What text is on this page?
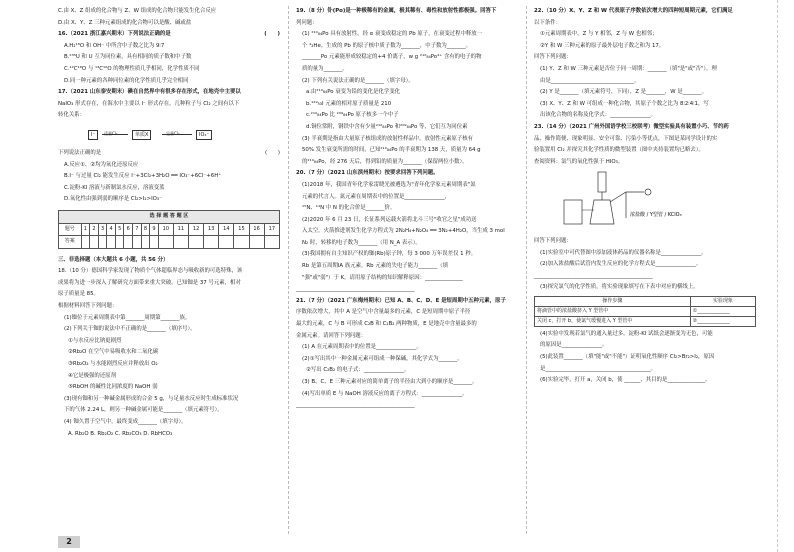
C.由 X、Z 组成的化合物与 Z、W 组成的化合物只能发生化合反应
D.由 X、Y、Z 三种元素组成的化合物可以是酸、碱或盐
16.（2021 浙江嘉兴期末）下列说法正确的是	(　　)
A.H₂¹⁸O 和 OH⁻ 中所含中子数之比为 9∶7
B.²³⁵U 和 U 互为同位素，具有相同的质子数和中子数
C.¹²C¹⁸O 与 ¹³C¹⁶O 的物理性质几乎相同，化学性质不同
D.同一种元素的各种同位素的化学性质几乎完全相同
17.（2021 山东泰安期末）碘在自然界中有很多存在形式，在地壳中主要以
NaIO₃ 形式存在，在海水中主要以 I⁻ 形式存在，几种粒子与 Cl₂ 之间有以下
转化关系：
I⁻	适量Cl₂	单质X	足量Cl₂	IO₃⁻
下列说法正确的是	(　　)
A.反应①、②均为氧化还原反应
B.I⁻ 与过量 Cl₂ 能发生反应 I⁻+3Cl₂+3H₂O ══ IO₃⁻+6Cl⁻+6H⁺
C.淀粉-KI 溶液与新制氯水反应，溶液变蓝
D.氧化性由强到弱的顺序是 Cl₂>I₂>IO₃⁻
选 择 题 答 题 区																	
题号	1	2	3	4	5	6	7	8	9	10	11	12	13	14	15	16	17
答案																	
三、非选择题（本大题共 6 小题，共 56 分）
18.（10 分）德国科学家发现了物质个气体超临界态与吸收新的可选特殊，该
成果将为进一步深入了解研究方面带来重大突破。已知铷是 37 号元素，相对
原子质量是 85。
根据材料回答下列问题：
(1)铷位于元素周期表中第_______周期第_______族。
(2)下列关于铷的说法中不正确的是_______（填序号）。
①与水反应比钠更剧烈
②Rb₂O 在空气中易吸收水和二氧化碳
③Rb₂O₂ 与水能剧烈反应并释放出 O₂
④它是极强的还原剂
⑤RbOH 的碱性比同浓度的 NaOH 弱
(3)现有铷和另一种碱金属形成的合金 5 g，与足量水反应时生成标准状况
下的气体 2.24 L，则另一种碱金属可能是_______（填元素符号）。
(4) 铷久置于空气中，最终变成_______（填字母）。
A. Rb₂O B. Rb₂O₂ C. Rb₂CO₃ D. RbHCO₃
19.（8 分）钋(Po)是一种极稀有的金属，极其稀有、毒性和放射性都极强。回答下
列问题：
(1) ²¹⁰₈₄Po 具有放射性，经 α 衰变成稳定的 Pb 原子，在衰变过程中释放一
个 ⁴₂He。生成的 Pb 的原子核中质子数为_______，中子数为_______。
_______Po 元素能形成较稳定的+4 价离子，w g ²¹⁰₈₄Po⁴⁺ 含有的电子的物
质的量为_______。
(2) 下列有关说法正确的是_______（填字母）。
a.由²¹⁰₈₄Po 衰变为铅的变化是化学变化
b.¹²⁹₅₃I 元素的相对原子质量是 210
c.²¹⁰₈₄Po 比 ²⁰⁹₈₄Po 原子核多一个中子
d.铜位常附，钢铁中含有少量²¹⁰₈₄Po 和²⁰⁹₈₄Po 等，它们互为同位素
(3) 半衰期是指由大量原子核组成的放射性样品中，放射性元素原子核有
50% 发生衰变所需的时间，已知²¹⁰₈₄Po 的半衰期为 138 天，质量为 64 g
的²¹⁰₈₄Po，经 276 天后，得到铅的质量为_______（保留两位小数）。
20.（7 分）（2021 山东滨州期末）按要求回答下列问题。
(1)2018 年，我国青年化学家雷晓光被遴选为"青年化学家元素周期表"氮
元素的代言人。氮元素在周期表中的位置是_______________，
¹⁵N、¹⁴N 中 N 的化合价是_______价。
(2)2020 年 6 月 23 日，长征系列运载火箭将北斗三号"收官之星"成功送
入太空。火箭推进剂发生化学方程式为 2N₂H₄+N₂O₄ ══ 3N₂+4H₂O，当生成 3 mol
N₂ 时，转移的电子数为_______（用 N_A 表示）。
(3)我国拥有自主知识产权的铷(Rb)原子钟，每 3 000 万年误差仅 1 秒。
Rb 是第五周期ⅠA 族元素。Rb 元素的失电子能力_______（填
"强"或"弱"）于 K，请用原子结构的知识解释原因：______________
____________________________________________
21.（7 分）（2021 广东梅州期末）已知 A、B、C、D、E 是短周期中五种元素，原子
序数依次增大，其中 A 是空气中含量最多的元素，C 是短周期中原子半径
最大的元素，C 与 B 可形成 C₂B 和 C₂B₂ 两种物质，E 是地壳中含量最多的
金属元素。请回答下列问题：
(1) A 在元素周期表中的位置是_______________。
(2)①写出其中一种金属元素可组成一种保碱，其化学式为_______。
②写出 C₂B₂ 的电子式：_______________。
(3) B、C、E 三种元素对应的简单离子的半径由大到小的顺序是_______。
(4)写出单质 E 与 NaOH 溶液反应的离子方程式：_______________。
____________________________________________
22.（10 分）X、Y、Z 和 W 代表原子序数依次增大的四种短周期元素，它们满足
以下条件：
①元素周期表中，Z 与 Y 相邻，Z 与 W 也相邻；
②Y 和 W 三种元素的原子最外层电子数之和为 17。
回答下列问题：
(1) Y、Z 和 W 三种元素是否位于同一周期：_______（填"是"或"否"），理
由是_______________________________。
(2) Y 是_______（填元素符号，下同），Z 是_______，W 是_______。
(3) X、Y、Z 和 W 可组成一种化合物，其原子个数之比为 8∶2∶4∶1，写
出该化合物的名称及化学式：_______________。
23.（14 分）（2021 广州外国语学校三校联考）微型实验具有装置小巧、节约药
品、操作简便、现象明显、安全可靠、污染小等优点，下图是某同学设计的实
验装置用 Cl₂ 并探究其化学性质的微型装置（图中夹持装置均已略去）。
查阅资料：氯气的氧化性强于 HIO₃。
浓盐酸 / Y型管 / KClO₃
回答下列问题：
(1)实验室中可代替图中添加液体药品的仪器名称是_______________。
(2)加入浓盐酸后试管内发生反应的化学方程式是_______________。
____________________________________________
(3)探究氯气的化学性质，将实验现象填写在下表中对应的横线上。
操作步骤	实验现象
将滴管中的浓盐酸挤入 Y 型管中	①_____________
关闭 c，打开 b，使氯气缓慢进入 Y 型管中	②_____________
(4)实验中发现若氯气的通入量过多，淀粉-KI 试纸会逐渐变为无色，可能
的原因是_______________。
(5)此装置_______（填"能"或"不能"）证明氧化性顺序 Cl₂>Br₂>I₂，原因
是_______________________________________。
(6)实验完毕，打开 a，关闭 b，使 ______，其目的是______________。
2
